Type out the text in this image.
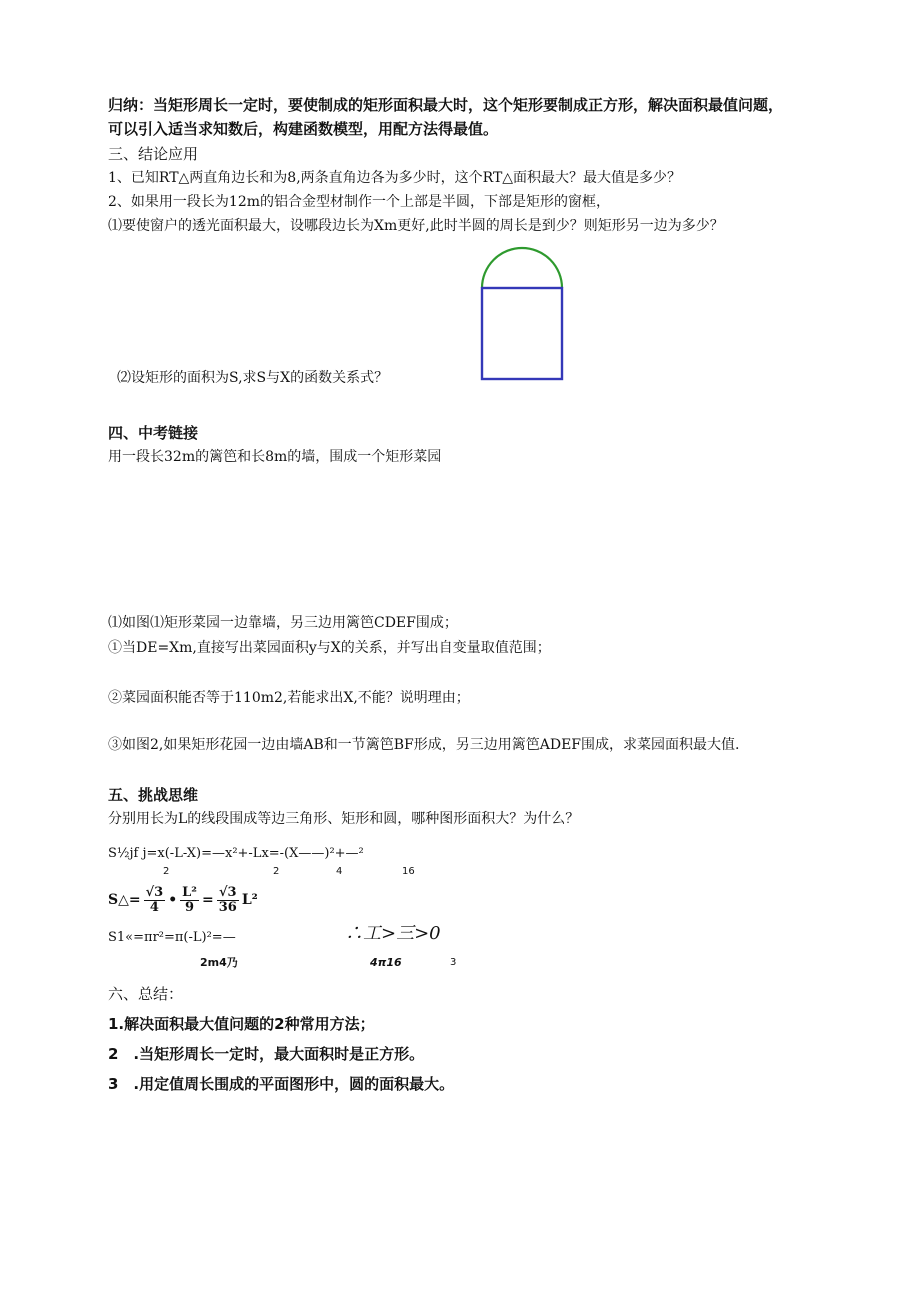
归纳：当矩形周长一定时，要使制成的矩形面积最大时，这个矩形要制成正方形，解决面积最值问题，
可以引入适当求知数后，构建函数模型，用配方法得最值。
三、结论应用
1、已知RT△两直角边长和为8,两条直角边各为多少时，这个RT△面积最大？最大值是多少？
2、如果用一段长为12m的铝合金型材制作一个上部是半圆，下部是矩形的窗框，
⑴要使窗户的透光面积最大，设哪段边长为Xm更好,此时半圆的周长是到少？则矩形另一边为多少？
⑵设矩形的面积为S,求S与X的函数关系式？
四、中考链接
用一段长32m的篱笆和长8m的墙，围成一个矩形菜园
⑴如图⑴矩形菜园一边靠墙，另三边用篱笆CDEF围成；
①当DE=Xm,直接写出菜园面积y与X的关系，并写出自变量取值范围；
②菜园面积能否等于110m2,若能求出X,不能？说明理由；
③如图2,如果矩形花园一边由墙AB和一节篱笆BF形成，另三边用篱笆ADEF围成，求菜园面积最大值.
五、挑战思维
分别用长为L的线段围成等边三角形、矩形和圆，哪种图形面积大？为什么？
S½jf j=x(-L-X)=—x²+-Lx=-(X——)²+—²
2	2	4	16
S△= $\frac{√3}{4}$ • $\frac{\text{L²}}{9} = \frac{√3}{36} L^2$
S1«=πr²=π(-L)²=—	∴工>三>0
2m4乃	4π16	3
六、总结：
1.解决面积最大值问题的2种常用方法；
2　.当矩形周长一定时，最大面积时是正方形。
3　.用定值周长围成的平面图形中，圆的面积最大。
